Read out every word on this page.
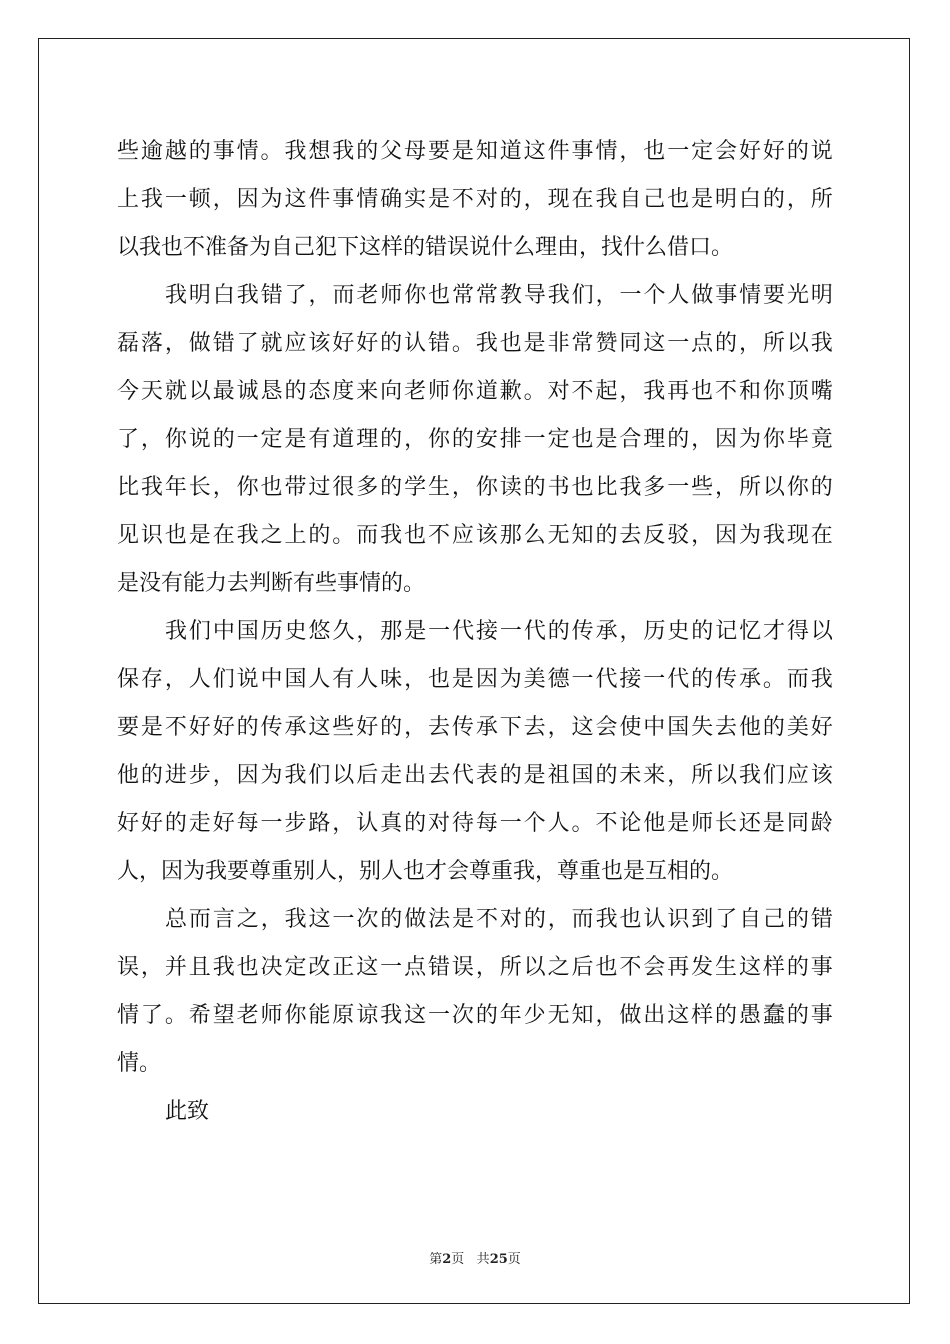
些 逾 越 的 事 情 。 我 想 我 的 父 母 要 是 知 道 这 件 事 情 ， 也 一 定 会 好 好 的 说
上 我 一 顿 ， 因 为 这 件 事 情 确 实 是 不 对 的 ， 现 在 我 自 己 也 是 明 白 的 ， 所
以我也不准备为自己犯下这样的错误说什么理由，找什么借口。
我 明 白 我 错 了 ， 而 老 师 你 也 常 常 教 导 我 们 ， 一 个 人 做 事 情 要 光 明
磊 落 ， 做 错 了 就 应 该 好 好 的 认 错 。 我 也 是 非 常 赞 同 这 一 点 的 ， 所 以 我
今 天 就 以 最 诚 恳 的 态 度 来 向 老 师 你 道 歉 。 对 不 起 ， 我 再 也 不 和 你 顶 嘴
了 ， 你 说 的 一 定 是 有 道 理 的 ， 你 的 安 排 一 定 也 是 合 理 的 ， 因 为 你 毕 竟
比 我 年 长 ， 你 也 带 过 很 多 的 学 生 ， 你 读 的 书 也 比 我 多 一 些 ， 所 以 你 的
见 识 也 是 在 我 之 上 的 。 而 我 也 不 应 该 那 么 无 知 的 去 反 驳 ， 因 为 我 现 在
是没有能力去判断有些事情的。
我 们 中 国 历 史 悠 久 ， 那 是 一 代 接 一 代 的 传 承 ， 历 史 的 记 忆 才 得 以
保 存 ， 人 们 说 中 国 人 有 人 味 ， 也 是 因 为 美 德 一 代 接 一 代 的 传 承 。 而 我
要 是 不 好 好 的 传 承 这 些 好 的 ， 去 传 承 下 去 ， 这 会 使 中 国 失 去 他 的 美 好
他 的 进 步 ， 因 为 我 们 以 后 走 出 去 代 表 的 是 祖 国 的 未 来 ， 所 以 我 们 应 该
好 好 的 走 好 每 一 步 路 ， 认 真 的 对 待 每 一 个 人 。 不 论 他 是 师 长 还 是 同 龄
人，因为我要尊重别人，别人也才会尊重我，尊重也是互相的。
总 而 言 之 ， 我 这 一 次 的 做 法 是 不 对 的 ， 而 我 也 认 识 到 了 自 己 的 错
误 ， 并 且 我 也 决 定 改 正 这 一 点 错 误 ， 所 以 之 后 也 不 会 再 发 生 这 样 的 事
情 了 。 希 望 老 师 你 能 原 谅 我 这 一 次 的 年 少 无 知 ， 做 出 这 样 的 愚 蠢 的 事
情。
此致
第2页 共25页
